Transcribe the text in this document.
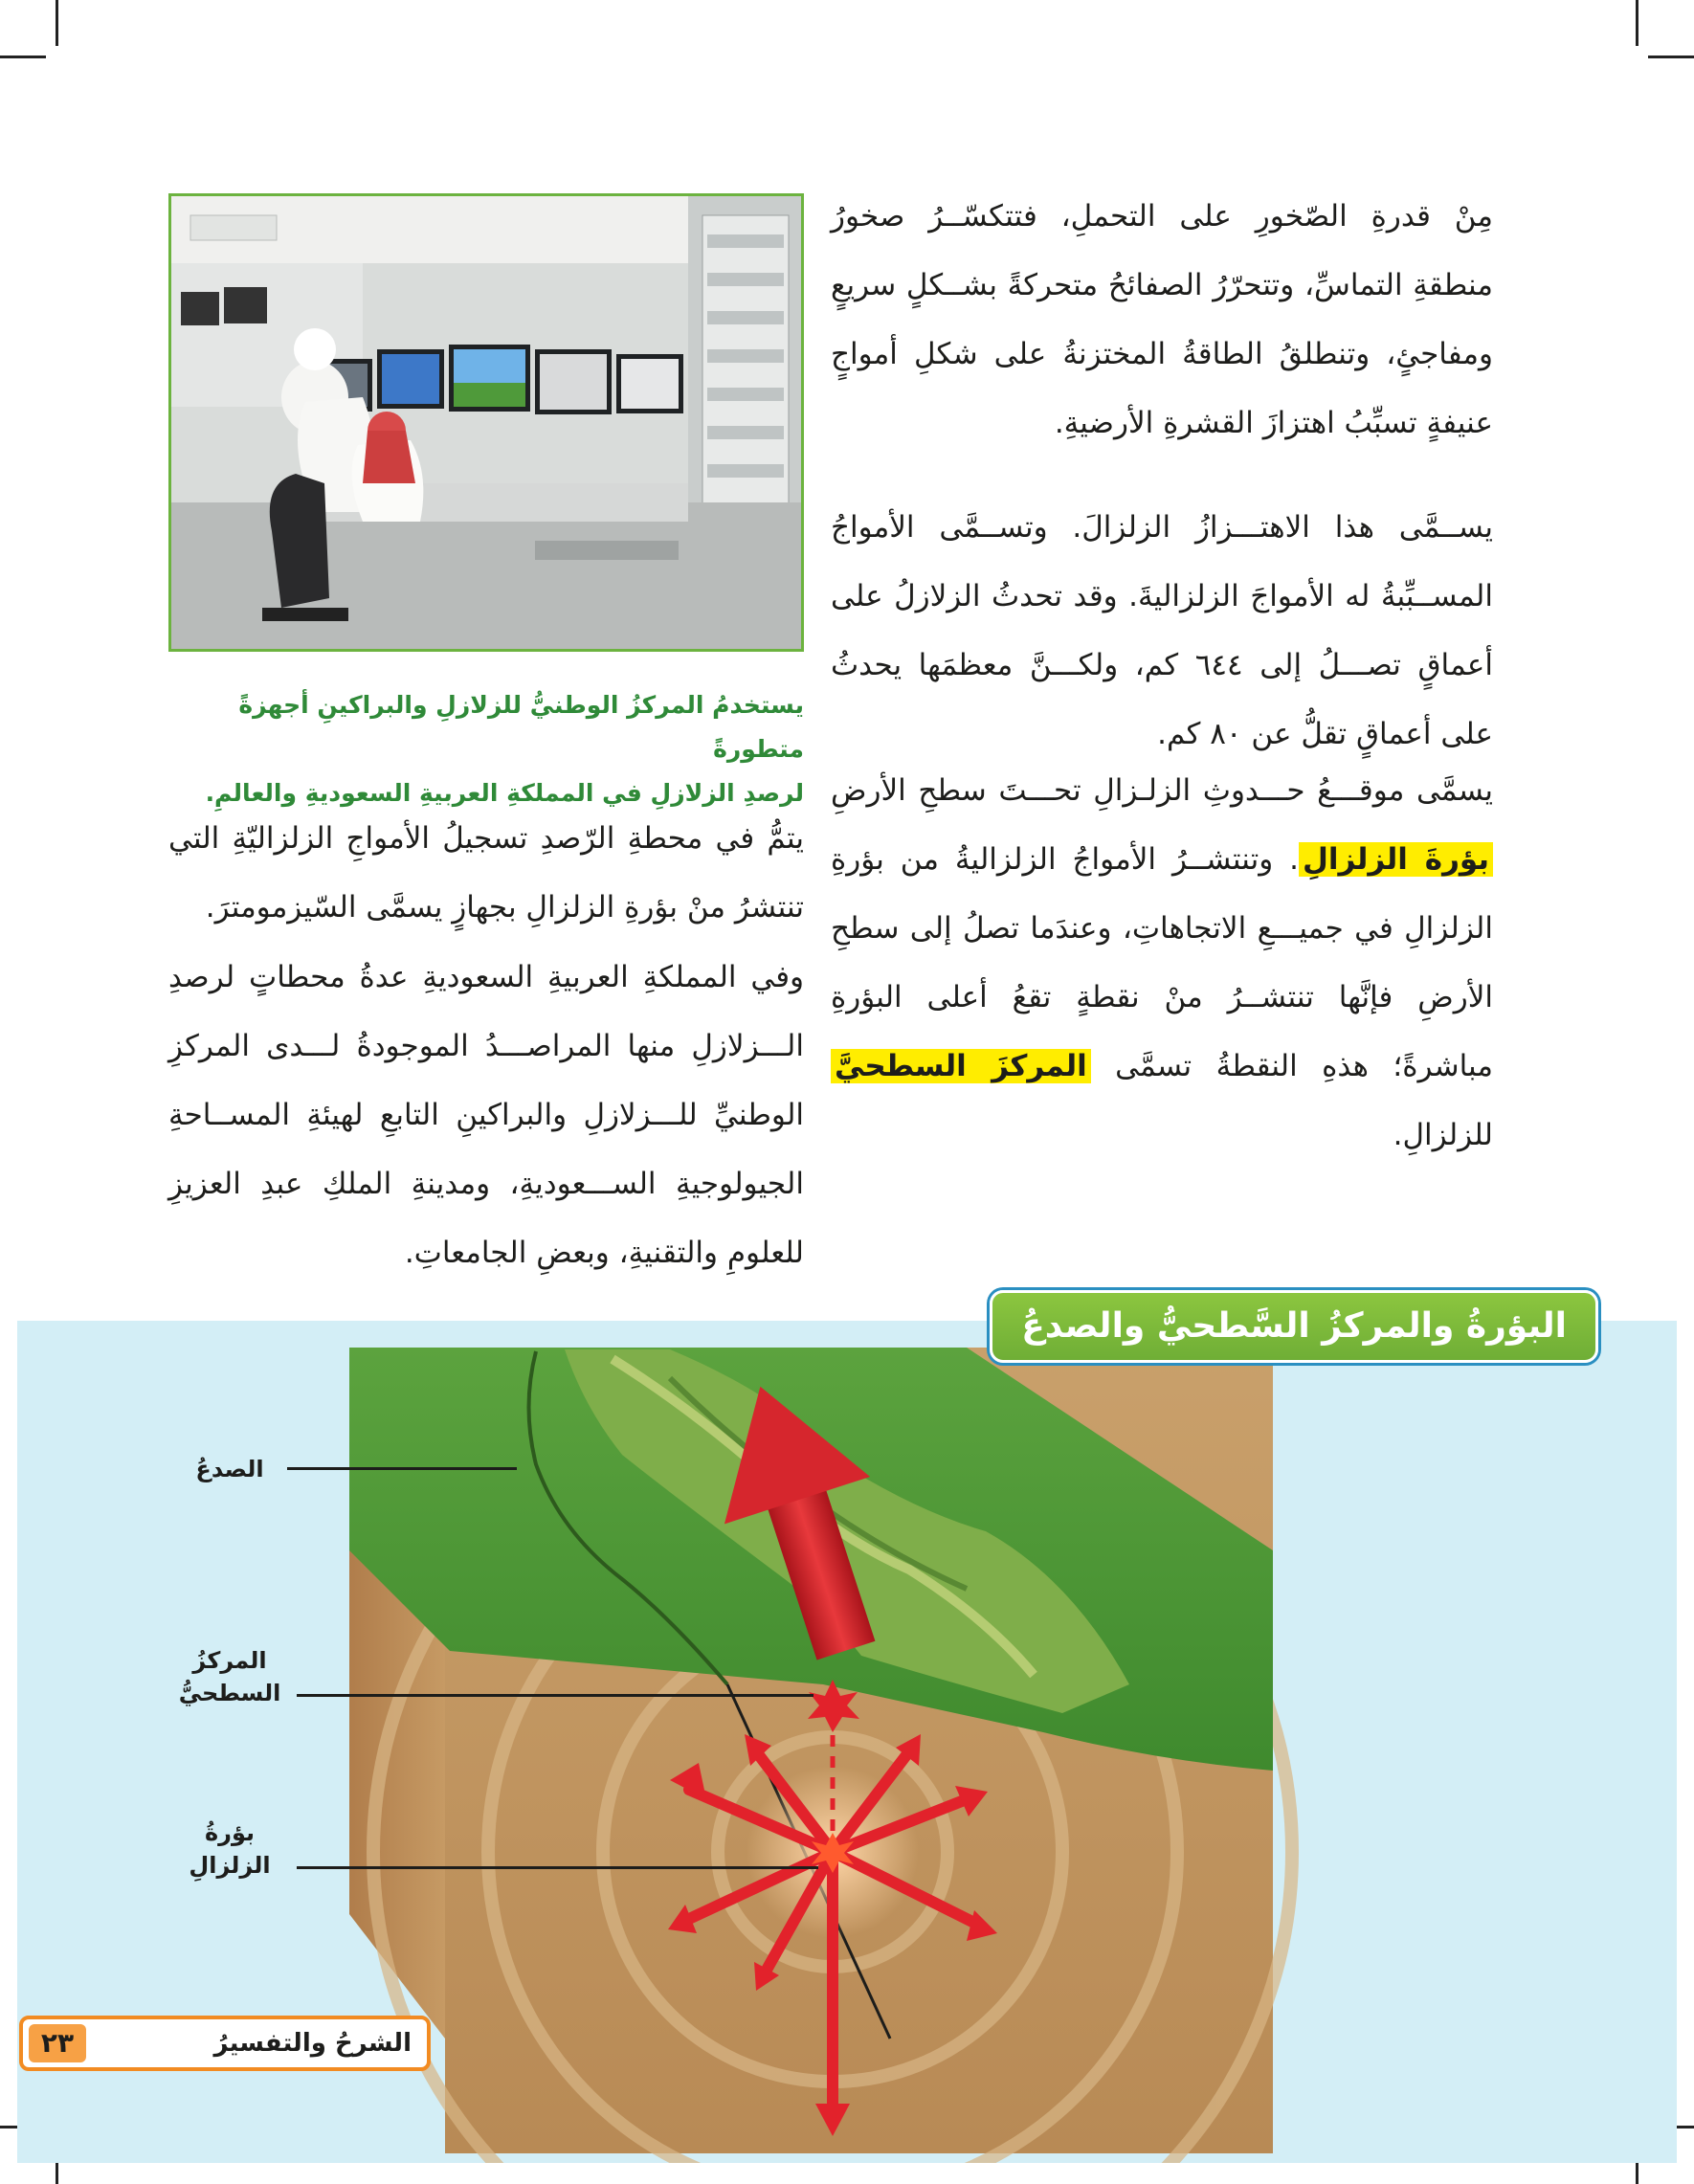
مِنْ قدرةِ الصّخورِ على التحملِ، فتتكسّــرُ صخورُ منطقةِ التماسِّ، وتتحرّرُ الصفائحُ متحركةً بشــكلٍ سريعٍ ومفاجئٍ، وتنطلقُ الطاقةُ المختزنةُ على شكلِ أمواجٍ عنيفةٍ تسبِّبُ اهتزازَ القشرةِ الأرضيةِ.

يســمَّى هذا الاهتـــزازُ الزلزالَ. وتســمَّى الأمواجُ المســبِّبةُ له الأمواجَ الزلزاليةَ. وقد تحدثُ الزلازلُ على أعماقٍ تصـــلُ إلى ٦٤٤ كم، ولكـــنَّ معظمَها يحدثُ على أعماقٍ تقلُّ عن ٨٠ كم.

يسمَّى موقـــعُ حـــدوثِ الزلـزالِ تحـــتَ سطحِ الأرضِ بؤرةَ الزلزالِ. وتنتشــرُ الأمواجُ الزلزاليةُ من بؤرةِ الزلزالِ في جميـــعِ الاتجاهاتِ، وعندَما تصلُ إلى سطحِ الأرضِ فإنَّها تنتشــرُ منْ نقطةٍ تقعُ أعلى البؤرةِ مباشرةً؛ هذهِ النقطةُ تسمَّى المركزَ السطحيَّ للزلزالِ.

يستخدمُ المركزُ الوطنيُّ للزلازلِ والبراكينِ أجهزةً متطورةً
لرصدِ الزلازلِ في المملكةِ العربيةِ السعوديةِ والعالمِ.

يتمُّ في محطةِ الرّصدِ تسجيلُ الأمواجِ الزلزاليّةِ التي تنتشرُ منْ بؤرةِ الزلزالِ بجهازٍ يسمَّى السّيزمومترَ.

وفي المملكةِ العربيةِ السعوديةِ عدةُ محطاتٍ لرصدِ الـــزلازلِ منها المراصـــدُ الموجودةُ لـــدى المركزِ الوطنيِّ للـــزلازلِ والبراكينِ التابعِ لهيئةِ المســاحةِ الجيولوجيةِ الســـعوديةِ، ومدينةِ الملكِ عبدِ العزيزِ للعلومِ والتقنيةِ، وبعضِ الجامعاتِ.

البؤرةُ والمركزُ السَّطحيُّ والصدعُ
الصدعُ
المركزُ
السطحيُّ
بؤرةُ
الزلزالِ
٢٣	الشرحُ والتفسيرُ
